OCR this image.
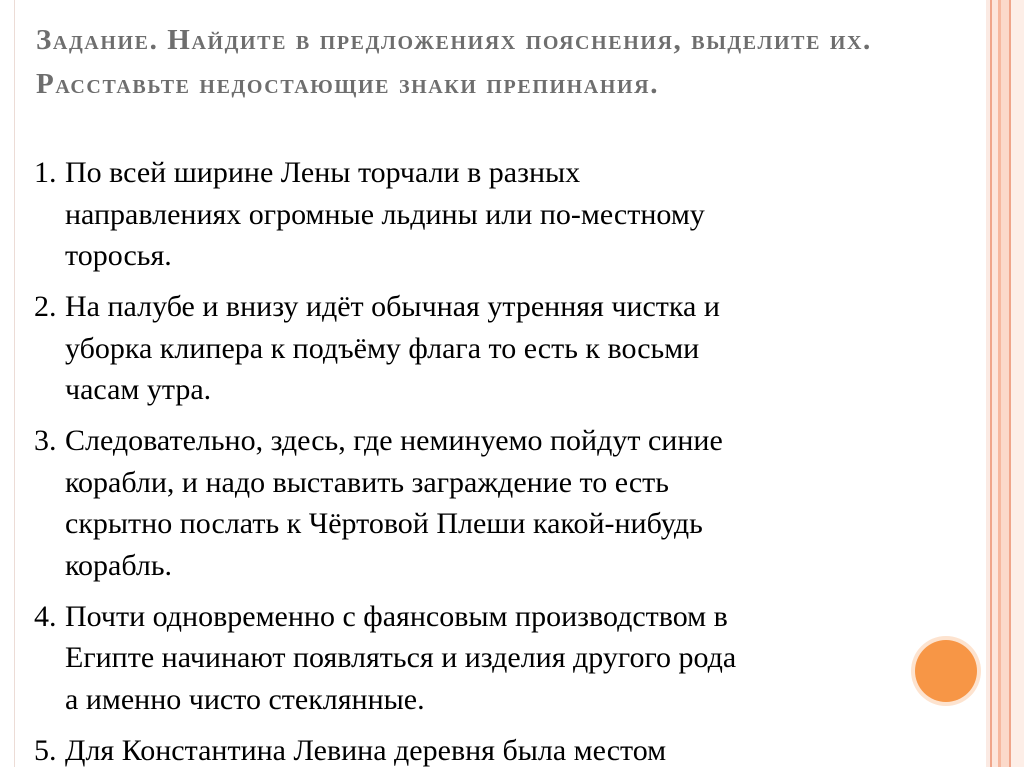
Задание. Найдите в предложениях пояснения, выделите их. Расставьте недостающие знаки препинания.
1. По всей ширине Лены торчали в разных
направлениях огромные льдины или по-местному
торосья.
2. На палубе и внизу идёт обычная утренняя чистка и
уборка клипера к подъёму флага то есть к восьми
часам утра.
3. Следовательно, здесь, где неминуемо пойдут синие
корабли, и надо выставить заграждение то есть
скрытно послать к Чёртовой Плеши какой-нибудь
корабль.
4. Почти одновременно с фаянсовым производством в
Египте начинают появляться и изделия другого рода
а именно чисто стеклянные.
5. Для Константина Левина деревня была местом
